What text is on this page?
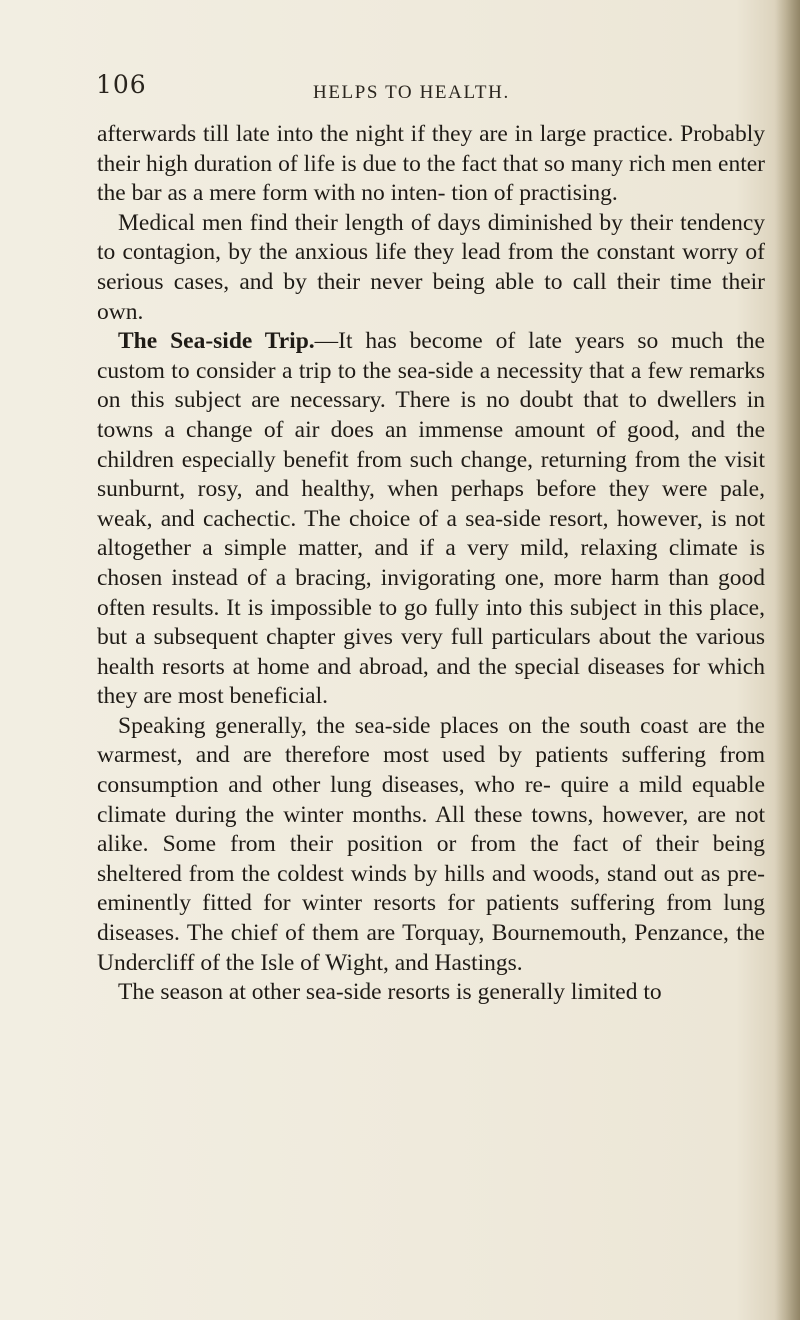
106	HELPS TO HEALTH.

afterwards till late into the night if they are in large practice. Probably their high duration of life is due to the fact that so many rich men enter the bar as a mere form with no inten- tion of practising.

Medical men find their length of days diminished by their tendency to contagion, by the anxious life they lead from the constant worry of serious cases, and by their never being able to call their time their own.

The Sea-side Trip.—It has become of late years so much the custom to consider a trip to the sea-side a necessity that a few remarks on this subject are necessary. There is no doubt that to dwellers in towns a change of air does an immense amount of good, and the children especially benefit from such change, returning from the visit sunburnt, rosy, and healthy, when perhaps before they were pale, weak, and cachectic. The choice of a sea-side resort, however, is not altogether a simple matter, and if a very mild, relaxing climate is chosen instead of a bracing, invigorating one, more harm than good often results. It is impossible to go fully into this subject in this place, but a subsequent chapter gives very full particulars about the various health resorts at home and abroad, and the special diseases for which they are most beneficial.

Speaking generally, the sea-side places on the south coast are the warmest, and are therefore most used by patients suffering from consumption and other lung diseases, who re- quire a mild equable climate during the winter months. All these towns, however, are not alike. Some from their position or from the fact of their being sheltered from the coldest winds by hills and woods, stand out as pre-eminently fitted for winter resorts for patients suffering from lung diseases. The chief of them are Torquay, Bournemouth, Penzance, the Undercliff of the Isle of Wight, and Hastings.

The season at other sea-side resorts is generally limited to
